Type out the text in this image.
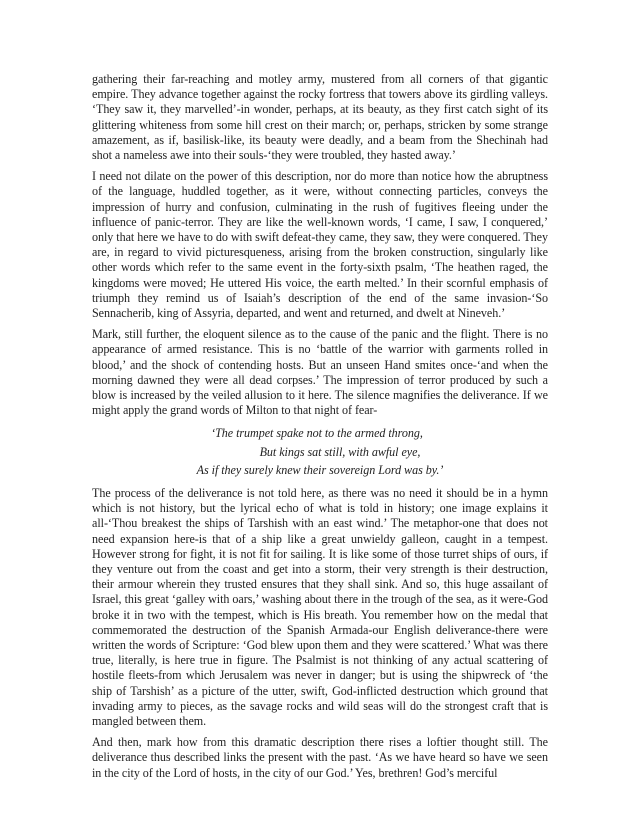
gathering their far-reaching and motley army, mustered from all corners of that gigantic empire. They advance together against the rocky fortress that towers above its girdling valleys. ‘They saw it, they marvelled’-in wonder, perhaps, at its beauty, as they first catch sight of its glittering whiteness from some hill crest on their march; or, perhaps, stricken by some strange amazement, as if, basilisk-like, its beauty were deadly, and a beam from the Shechinah had shot a nameless awe into their souls-‘they were troubled, they hasted away.’

I need not dilate on the power of this description, nor do more than notice how the abruptness of the language, huddled together, as it were, without connecting particles, conveys the impression of hurry and confusion, culminating in the rush of fugitives fleeing under the influence of panic-terror. They are like the well-known words, ‘I came, I saw, I conquered,’ only that here we have to do with swift defeat-they came, they saw, they were conquered. They are, in regard to vivid picturesqueness, arising from the broken construction, singularly like other words which refer to the same event in the forty-sixth psalm, ‘The heathen raged, the kingdoms were moved; He uttered His voice, the earth melted.’ In their scornful emphasis of triumph they remind us of Isaiah’s description of the end of the same invasion-‘So Sennacherib, king of Assyria, departed, and went and returned, and dwelt at Nineveh.’

Mark, still further, the eloquent silence as to the cause of the panic and the flight. There is no appearance of armed resistance. This is no ‘battle of the warrior with garments rolled in blood,’ and the shock of contending hosts. But an unseen Hand smites once-‘and when the morning dawned they were all dead corpses.’ The impression of terror produced by such a blow is increased by the veiled allusion to it here. The silence magnifies the deliverance. If we might apply the grand words of Milton to that night of fear-

‘The trumpet spake not to the armed throng,
But kings sat still, with awful eye,
As if they surely knew their sovereign Lord was by.’

The process of the deliverance is not told here, as there was no need it should be in a hymn which is not history, but the lyrical echo of what is told in history; one image explains it all-‘Thou breakest the ships of Tarshish with an east wind.’ The metaphor-one that does not need expansion here-is that of a ship like a great unwieldy galleon, caught in a tempest. However strong for fight, it is not fit for sailing. It is like some of those turret ships of ours, if they venture out from the coast and get into a storm, their very strength is their destruction, their armour wherein they trusted ensures that they shall sink. And so, this huge assailant of Israel, this great ‘galley with oars,’ washing about there in the trough of the sea, as it were-God broke it in two with the tempest, which is His breath. You remember how on the medal that commemorated the destruction of the Spanish Armada-our English deliverance-there were written the words of Scripture: ‘God blew upon them and they were scattered.’ What was there true, literally, is here true in figure. The Psalmist is not thinking of any actual scattering of hostile fleets-from which Jerusalem was never in danger; but is using the shipwreck of ‘the ship of Tarshish’ as a picture of the utter, swift, God-inflicted destruction which ground that invading army to pieces, as the savage rocks and wild seas will do the strongest craft that is mangled between them.

And then, mark how from this dramatic description there rises a loftier thought still. The deliverance thus described links the present with the past. ‘As we have heard so have we seen in the city of the Lord of hosts, in the city of our God.’ Yes, brethren! God’s merciful
